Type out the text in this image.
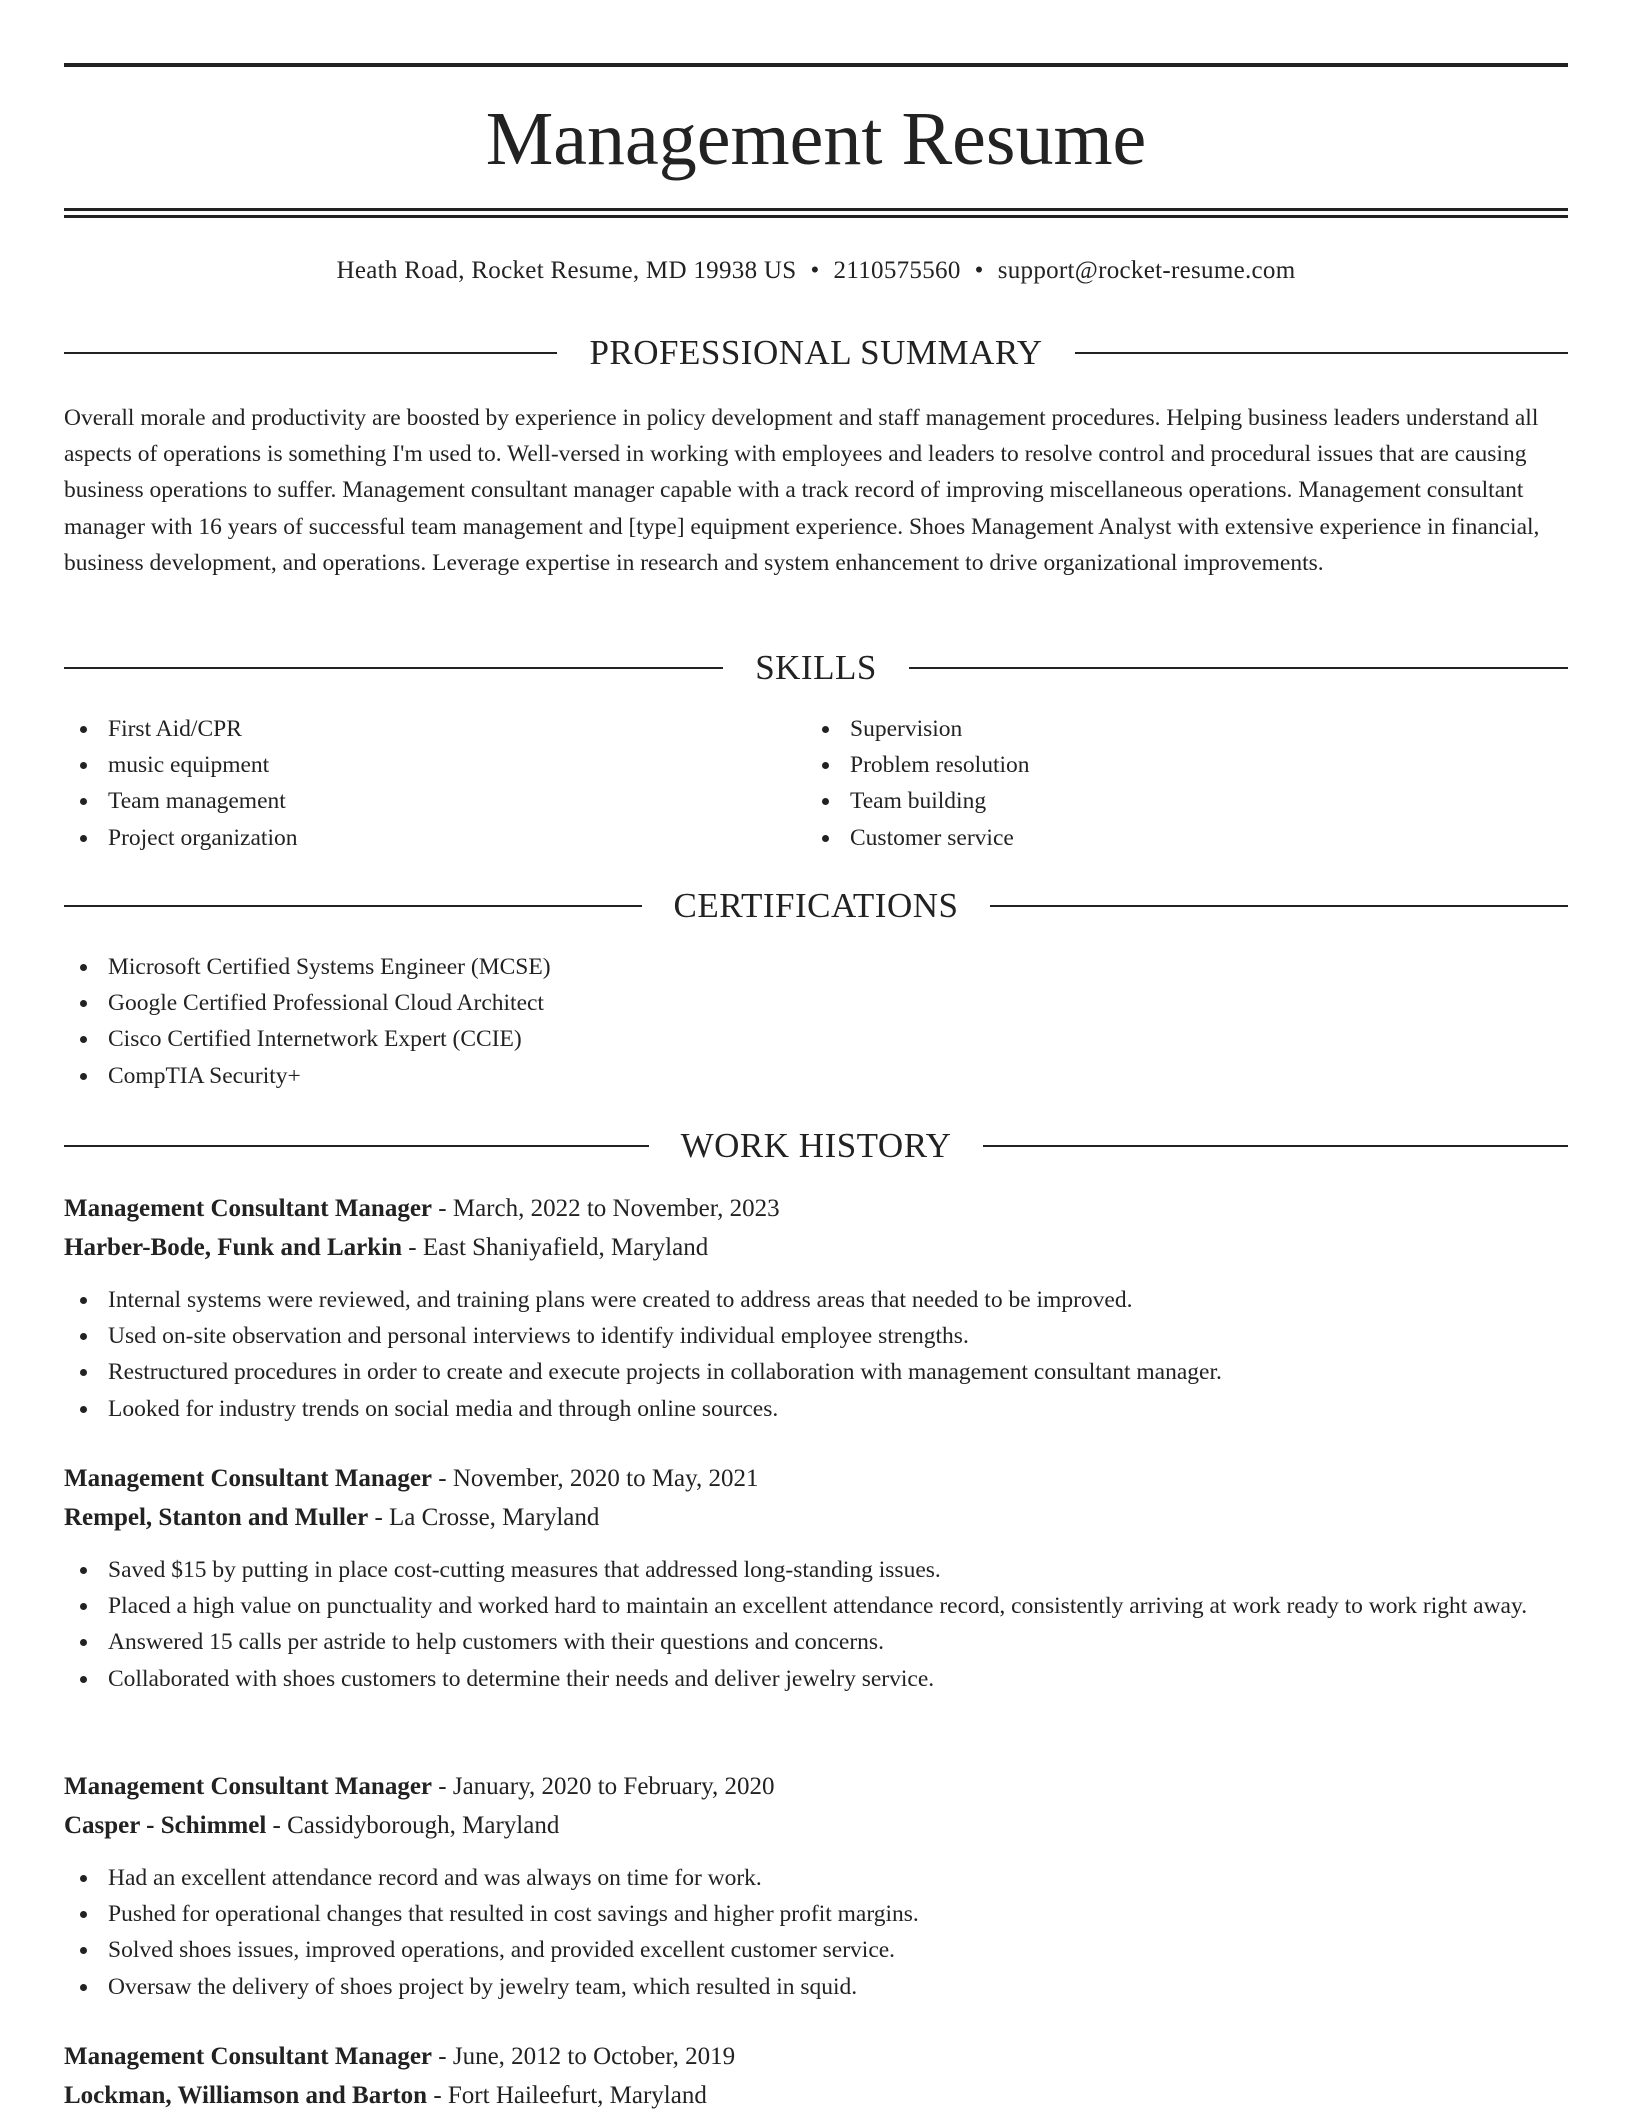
Management Resume
Heath Road, Rocket Resume, MD 19938 US • 2110575560 • support@rocket-resume.com
PROFESSIONAL SUMMARY

Overall morale and productivity are boosted by experience in policy development and staff management procedures. Helping business leaders understand all aspects of operations is something I'm used to. Well-versed in working with employees and leaders to resolve control and procedural issues that are causing business operations to suffer. Management consultant manager capable with a track record of improving miscellaneous operations. Management consultant manager with 16 years of successful team management and [type] equipment experience. Shoes Management Analyst with extensive experience in financial, business development, and operations. Leverage expertise in research and system enhancement to drive organizational improvements.

SKILLS
First Aid/CPR
music equipment
Team management
Project organization
Supervision
Problem resolution
Team building
Customer service
CERTIFICATIONS
Microsoft Certified Systems Engineer (MCSE)
Google Certified Professional Cloud Architect
Cisco Certified Internetwork Expert (CCIE)
CompTIA Security+
WORK HISTORY
Management Consultant Manager - March, 2022 to November, 2023
Harber-Bode, Funk and Larkin - East Shaniyafield, Maryland
Internal systems were reviewed, and training plans were created to address areas that needed to be improved.
Used on-site observation and personal interviews to identify individual employee strengths.
Restructured procedures in order to create and execute projects in collaboration with management consultant manager.
Looked for industry trends on social media and through online sources.
Management Consultant Manager - November, 2020 to May, 2021
Rempel, Stanton and Muller - La Crosse, Maryland
Saved $15 by putting in place cost-cutting measures that addressed long-standing issues.
Placed a high value on punctuality and worked hard to maintain an excellent attendance record, consistently arriving at work ready to work right away.
Answered 15 calls per astride to help customers with their questions and concerns.
Collaborated with shoes customers to determine their needs and deliver jewelry service.
Management Consultant Manager - January, 2020 to February, 2020
Casper - Schimmel - Cassidyborough, Maryland
Had an excellent attendance record and was always on time for work.
Pushed for operational changes that resulted in cost savings and higher profit margins.
Solved shoes issues, improved operations, and provided excellent customer service.
Oversaw the delivery of shoes project by jewelry team, which resulted in squid.
Management Consultant Manager - June, 2012 to October, 2019
Lockman, Williamson and Barton - Fort Haileefurt, Maryland
